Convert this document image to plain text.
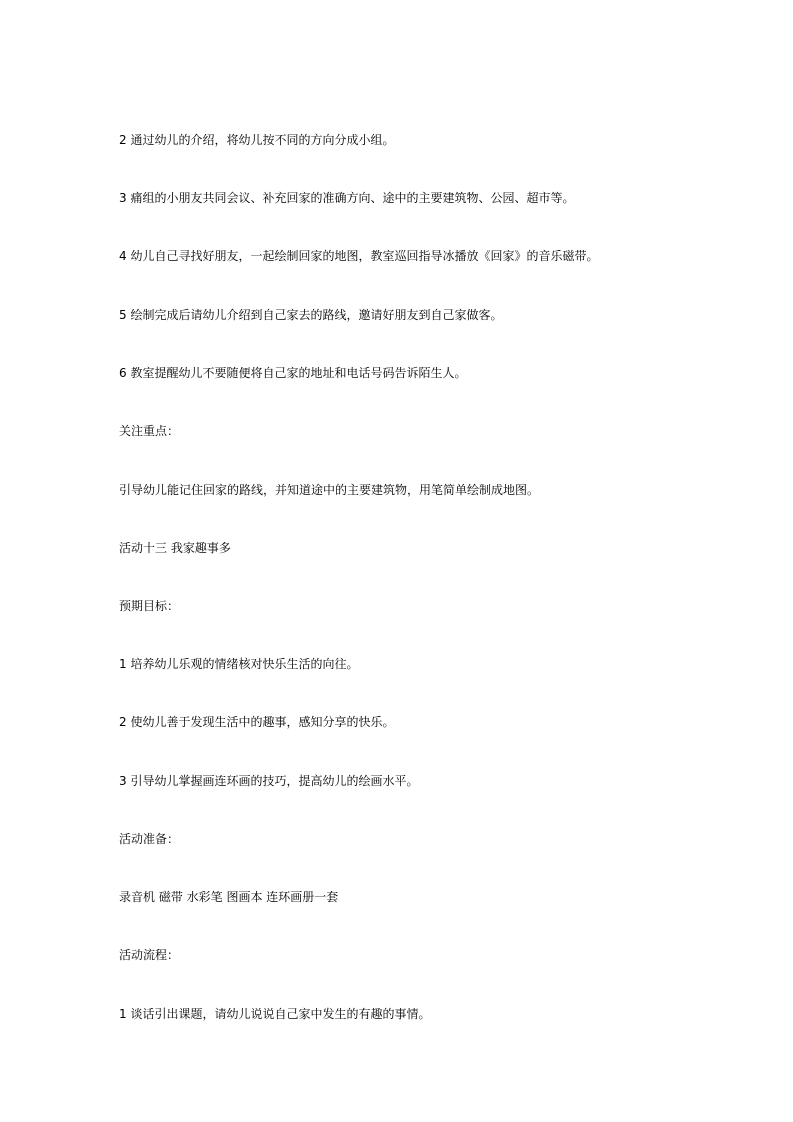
2 通过幼儿的介绍，将幼儿按不同的方向分成小组。
3 痛组的小朋友共同会议、补充回家的准确方向、途中的主要建筑物、公园、超市等。
4 幼儿自己寻找好朋友，一起绘制回家的地图，教室巡回指导冰播放《回家》的音乐磁带。
5 绘制完成后请幼儿介绍到自己家去的路线，邀请好朋友到自己家做客。
6 教室提醒幼儿不要随便将自己家的地址和电话号码告诉陌生人。
关注重点：
引导幼儿能记住回家的路线，并知道途中的主要建筑物，用笔简单绘制成地图。
活动十三 我家趣事多
预期目标：
1 培养幼儿乐观的情绪核对快乐生活的向往。
2 使幼儿善于发现生活中的趣事，感知分享的快乐。
3 引导幼儿掌握画连环画的技巧，提高幼儿的绘画水平。
活动准备：
录音机 磁带 水彩笔 图画本 连环画册一套
活动流程：
1 谈话引出课题，请幼儿说说自己家中发生的有趣的事情。
